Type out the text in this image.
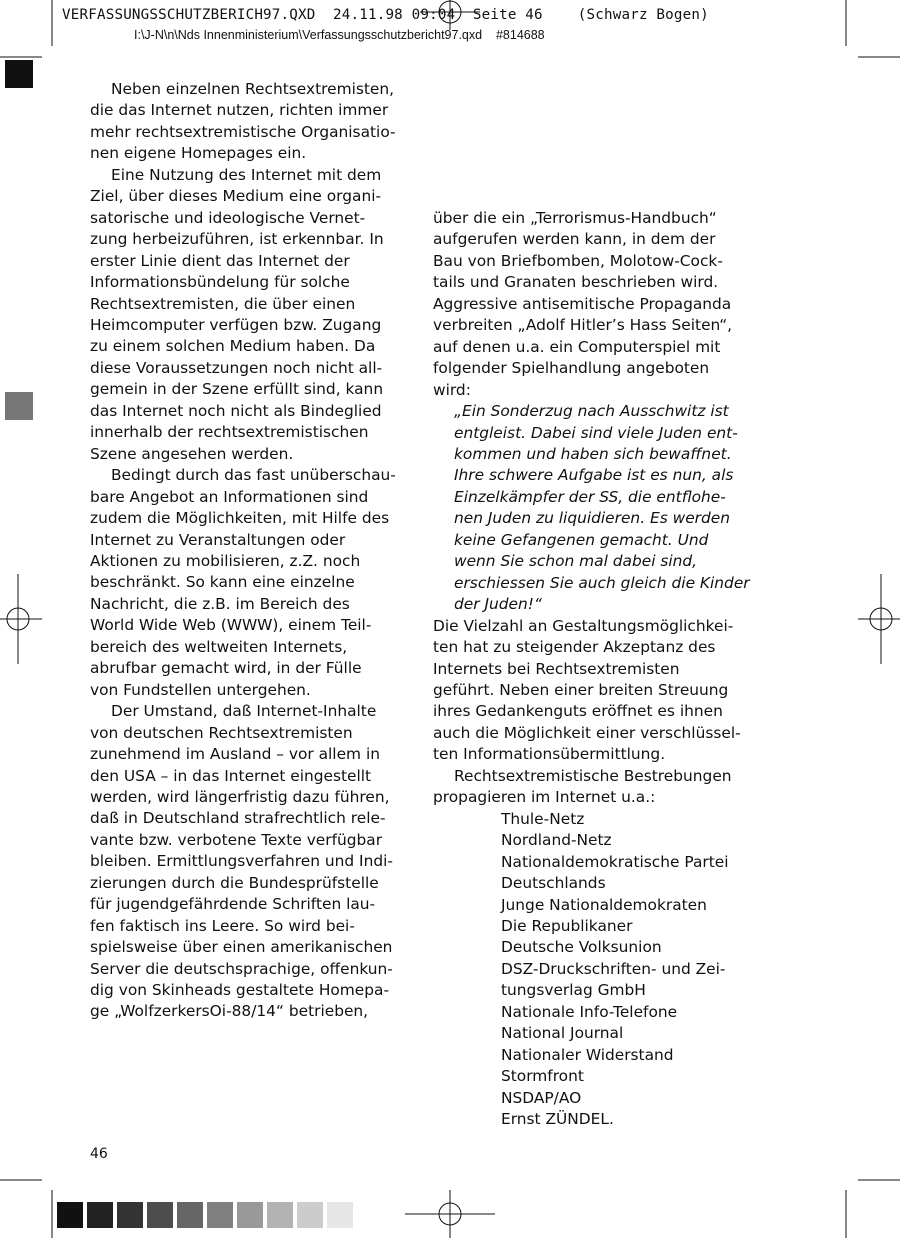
VERFASSUNGSSCHUTZBERICH97.QXD  24.11.98 09:04  Seite 46    (Schwarz Bogen)
I:\J-N\n\Nds Innenministerium\Verfassungsschutzbericht97.qxd    #814688
Neben einzelnen Rechtsextremisten,
die das Internet nutzen, richten immer
mehr rechtsextremistische Organisatio-
nen eigene Homepages ein.
Eine Nutzung des Internet mit dem
Ziel, über dieses Medium eine organi-
satorische und ideologische Vernet-
zung herbeizuführen, ist erkennbar. In
erster Linie dient das Internet der
Informationsbündelung für solche
Rechtsextremisten, die über einen
Heimcomputer verfügen bzw. Zugang
zu einem solchen Medium haben. Da
diese Voraussetzungen noch nicht all-
gemein in der Szene erfüllt sind, kann
das Internet noch nicht als Bindeglied
innerhalb der rechtsextremistischen
Szene angesehen werden.
Bedingt durch das fast unüberschau-
bare Angebot an Informationen sind
zudem die Möglichkeiten, mit Hilfe des
Internet zu Veranstaltungen oder
Aktionen zu mobilisieren, z.Z. noch
beschränkt. So kann eine einzelne
Nachricht, die z.B. im Bereich des
World Wide Web (WWW), einem Teil-
bereich des weltweiten Internets,
abrufbar gemacht wird, in der Fülle
von Fundstellen untergehen.
Der Umstand, daß Internet-Inhalte
von deutschen Rechtsextremisten
zunehmend im Ausland – vor allem in
den USA – in das Internet eingestellt
werden, wird längerfristig dazu führen,
daß in Deutschland strafrechtlich rele-
vante bzw. verbotene Texte verfügbar
bleiben. Ermittlungsverfahren und Indi-
zierungen durch die Bundesprüfstelle
für jugendgefährdende Schriften lau-
fen faktisch ins Leere. So wird bei-
spielsweise über einen amerikanischen
Server die deutschsprachige, offenkun-
dig von Skinheads gestaltete Homepa-
ge „WolfzerkersOi-88/14“ betrieben,
über die ein „Terrorismus-Handbuch“
aufgerufen werden kann, in dem der
Bau von Briefbomben, Molotow-Cock-
tails und Granaten beschrieben wird.
Aggressive antisemitische Propaganda
verbreiten „Adolf Hitler’s Hass Seiten“,
auf denen u.a. ein Computerspiel mit
folgender Spielhandlung angeboten
wird:
„Ein Sonderzug nach Ausschwitz ist
entgleist. Dabei sind viele Juden ent-
kommen und haben sich bewaffnet.
Ihre schwere Aufgabe ist es nun, als
Einzelkämpfer der SS, die entflohe-
nen Juden zu liquidieren. Es werden
keine Gefangenen gemacht. Und
wenn Sie schon mal dabei sind,
erschiessen Sie auch gleich die Kinder
der Juden!“
Die Vielzahl an Gestaltungsmöglichkei-
ten hat zu steigender Akzeptanz des
Internets bei Rechtsextremisten
geführt. Neben einer breiten Streuung
ihres Gedankenguts eröffnet es ihnen
auch die Möglichkeit einer verschlüssel-
ten Informationsübermittlung.
Rechtsextremistische Bestrebungen
propagieren im Internet u.a.:
Thule-Netz
Nordland-Netz
Nationaldemokratische Partei
Deutschlands
Junge Nationaldemokraten
Die Republikaner
Deutsche Volksunion
DSZ-Druckschriften- und Zei-
tungsverlag GmbH
Nationale Info-Telefone
National Journal
Nationaler Widerstand
Stormfront
NSDAP/AO
Ernst ZÜNDEL.
46
